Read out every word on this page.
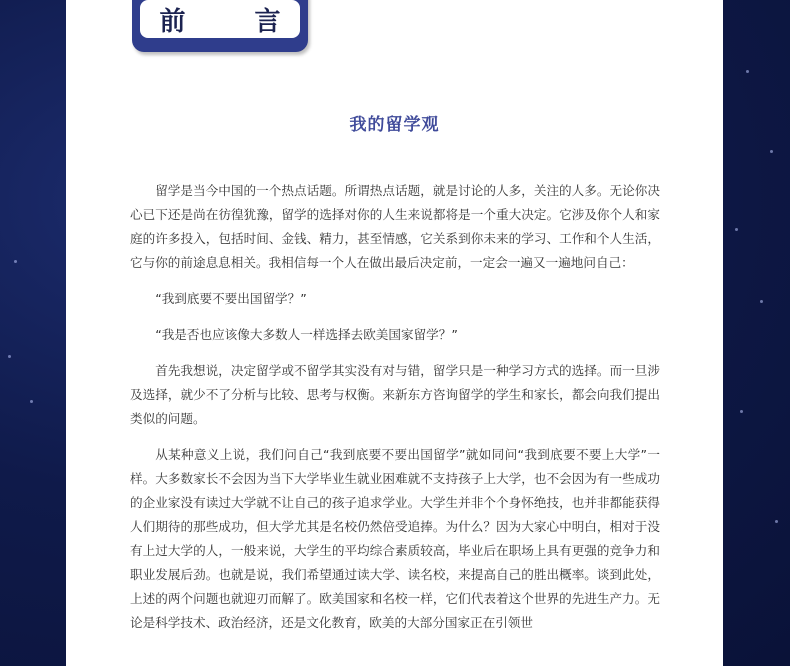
前 言
我的留学观

留学是当今中国的一个热点话题。所谓热点话题，就是讨论的人多，关注的人多。无论你决心已下还是尚在彷徨犹豫，留学的选择对你的人生来说都将是一个重大决定。它涉及你个人和家庭的许多投入，包括时间、金钱、精力，甚至情感，它关系到你未来的学习、工作和个人生活，它与你的前途息息相关。我相信每一个人在做出最后决定前，一定会一遍又一遍地问自己：

“我到底要不要出国留学？”

“我是否也应该像大多数人一样选择去欧美国家留学？”

首先我想说，决定留学或不留学其实没有对与错，留学只是一种学习方式的选择。而一旦涉及选择，就少不了分析与比较、思考与权衡。来新东方咨询留学的学生和家长，都会向我们提出类似的问题。

从某种意义上说，我们问自己“我到底要不要出国留学”就如同问“我到底要不要上大学”一样。大多数家长不会因为当下大学毕业生就业困难就不支持孩子上大学，也不会因为有一些成功的企业家没有读过大学就不让自己的孩子追求学业。大学生并非个个身怀绝技，也并非都能获得人们期待的那些成功，但大学尤其是名校仍然倍受追捧。为什么？因为大家心中明白，相对于没有上过大学的人，一般来说，大学生的平均综合素质较高，毕业后在职场上具有更强的竞争力和职业发展后劲。也就是说，我们希望通过读大学、读名校，来提高自己的胜出概率。谈到此处，上述的两个问题也就迎刃而解了。欧美国家和名校一样，它们代表着这个世界的先进生产力。无论是科学技术、政治经济，还是文化教育，欧美的大部分国家正在引领世
